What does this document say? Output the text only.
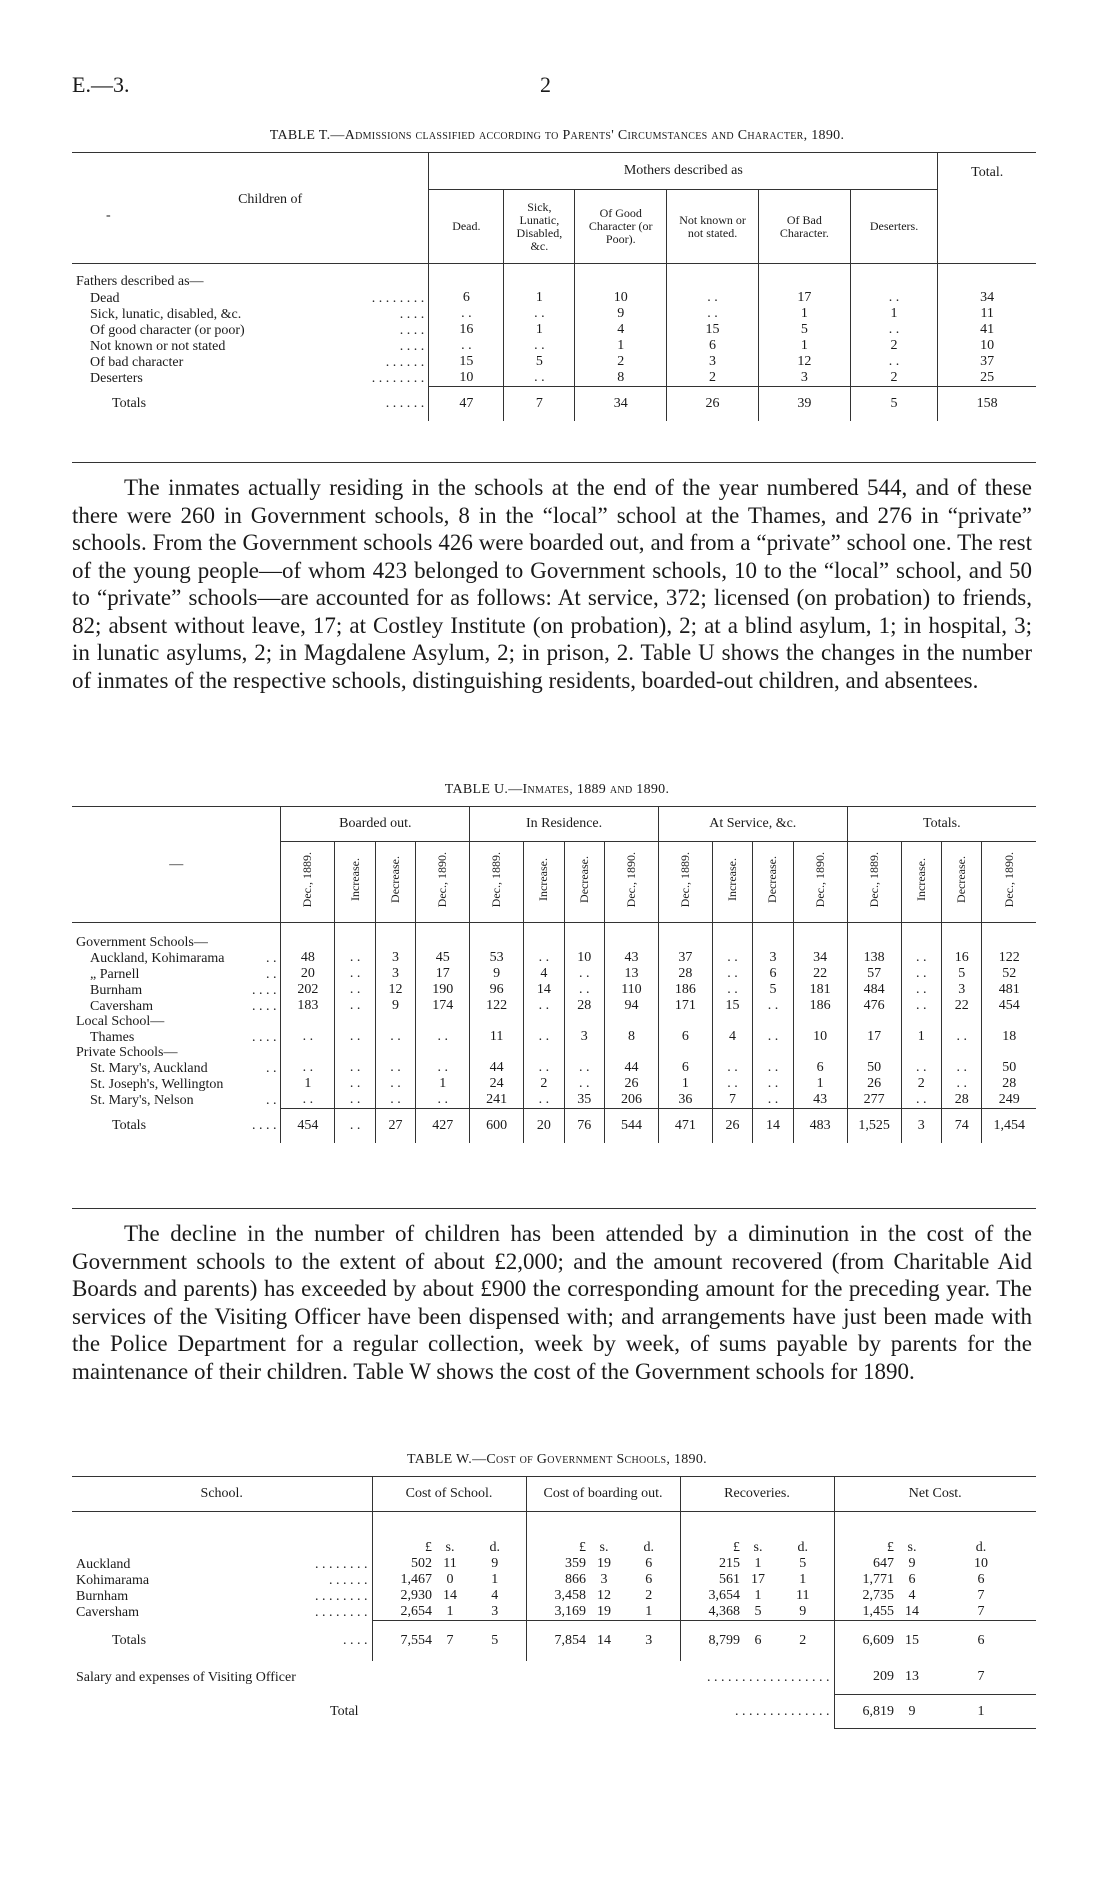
E.—3.	2
TABLE T.—Admissions classified according to Parents' Circumstances and Character, 1890.
Children of
-	Mothers described as						Total.
	Dead.	Sick, Lunatic, Disabled, &c.	Of Good Character (or Poor).	Not known or not stated.	Of Bad Character.	Deserters.	
Fathers described as—							
Dead . . . . . . . .	6	1	10	. .	17	. .	34
Sick, lunatic, disabled, &c. . . . .	. .	. .	9	. .	1	1	11
Of good character (or poor) . . . .	16	1	4	15	5	. .	41
Not known or not stated . . . .	. .	. .	1	6	1	2	10
Of bad character . . . . . .	15	5	2	3	12	. .	37
Deserters . . . . . . . .	10	. .	8	2	3	2	25
Totals . . . . . .	47	7	34	26	39	5	158

The inmates actually residing in the schools at the end of the year numbered 544, and of these there were 260 in Government schools, 8 in the “local” school at the Thames, and 276 in “private” schools. From the Government schools 426 were boarded out, and from a “private” school one. The rest of the young people—of whom 423 belonged to Government schools, 10 to the “local” school, and 50 to “private” schools—are accounted for as follows: At service, 372; licensed (on probation) to friends, 82; absent without leave, 17; at Costley Institute (on probation), 2; at a blind asylum, 1; in hospital, 3; in lunatic asylums, 2; in Magdalene Asylum, 2; in prison, 2. Table U shows the changes in the number of inmates of the respective schools, distinguishing residents, boarded-out children, and absentees.

TABLE U.—Inmates, 1889 and 1890.
—	Boarded out.				In Residence.				At Service, &c.				Totals.			
	Dec., 1889.	Increase.	Decrease.	Dec., 1890.	Dec., 1889.	Increase.	Decrease.	Dec., 1890.	Dec., 1889.	Increase.	Decrease.	Dec., 1890.	Dec., 1889.	Increase.	Decrease.	Dec., 1890.

Government Schools—																
Auckland, Kohimarama . .	48	. .	3	45	53	. .	10	43	37	. .	3	34	138	. .	16	122
„ Parnell . .	20	. .	3	17	9	4	. .	13	28	. .	6	22	57	. .	5	52
Burnham . . . .	202	. .	12	190	96	14	. .	110	186	. .	5	181	484	. .	3	481
Caversham . . . .	183	. .	9	174	122	. .	28	94	171	15	. .	186	476	. .	22	454
Local School—																
Thames . . . .	. .	. .	. .	. .	11	. .	3	8	6	4	. .	10	17	1	. .	18
Private Schools—																
St. Mary's, Auckland . .	. .	. .	. .	. .	44	. .	. .	44	6	. .	. .	6	50	. .	. .	50
St. Joseph's, Wellington	1	. .	. .	1	24	2	. .	26	1	. .	. .	1	26	2	. .	28
St. Mary's, Nelson . .	. .	. .	. .	. .	241	. .	35	206	36	7	. .	43	277	. .	28	249
Totals . . . .	454	. .	27	427	600	20	76	544	471	26	14	483	1,525	3	74	1,454

The decline in the number of children has been attended by a diminution in the cost of the Government schools to the extent of about £2,000; and the amount recovered (from Charitable Aid Boards and parents) has exceeded by about £900 the corresponding amount for the preceding year. The services of the Visiting Officer have been dispensed with; and arrangements have just been made with the Police Department for a regular collection, week by week, of sums payable by parents for the maintenance of their children. Table W shows the cost of the Government schools for 1890.

TABLE W.—Cost of Government Schools, 1890.
School.	Cost of School.			Cost of boarding out.			Recoveries.			Net Cost.		
	£	s.	d.	£	s.	d.	£	s.	d.	£	s.	d.
Auckland . . . . . . . .	502	11	9	359	19	6	215	1	5	647	9	10
Kohimarama . . . . . .	1,467	0	1	866	3	6	561	17	1	1,771	6	6
Burnham . . . . . . . .	2,930	14	4	3,458	12	2	3,654	1	11	2,735	4	7
Caversham . . . . . . . .	2,654	1	3	3,169	19	1	4,368	5	9	1,455	14	7
Totals . . . .	7,554	7	5	7,854	14	3	8,799	6	2	6,609	15	6
Salary and expenses of Visiting Officer . . . . . . . . . . . . . . . . . .										209	13	7
Total . . . . . . . . . . . . . .										6,819	9	1
